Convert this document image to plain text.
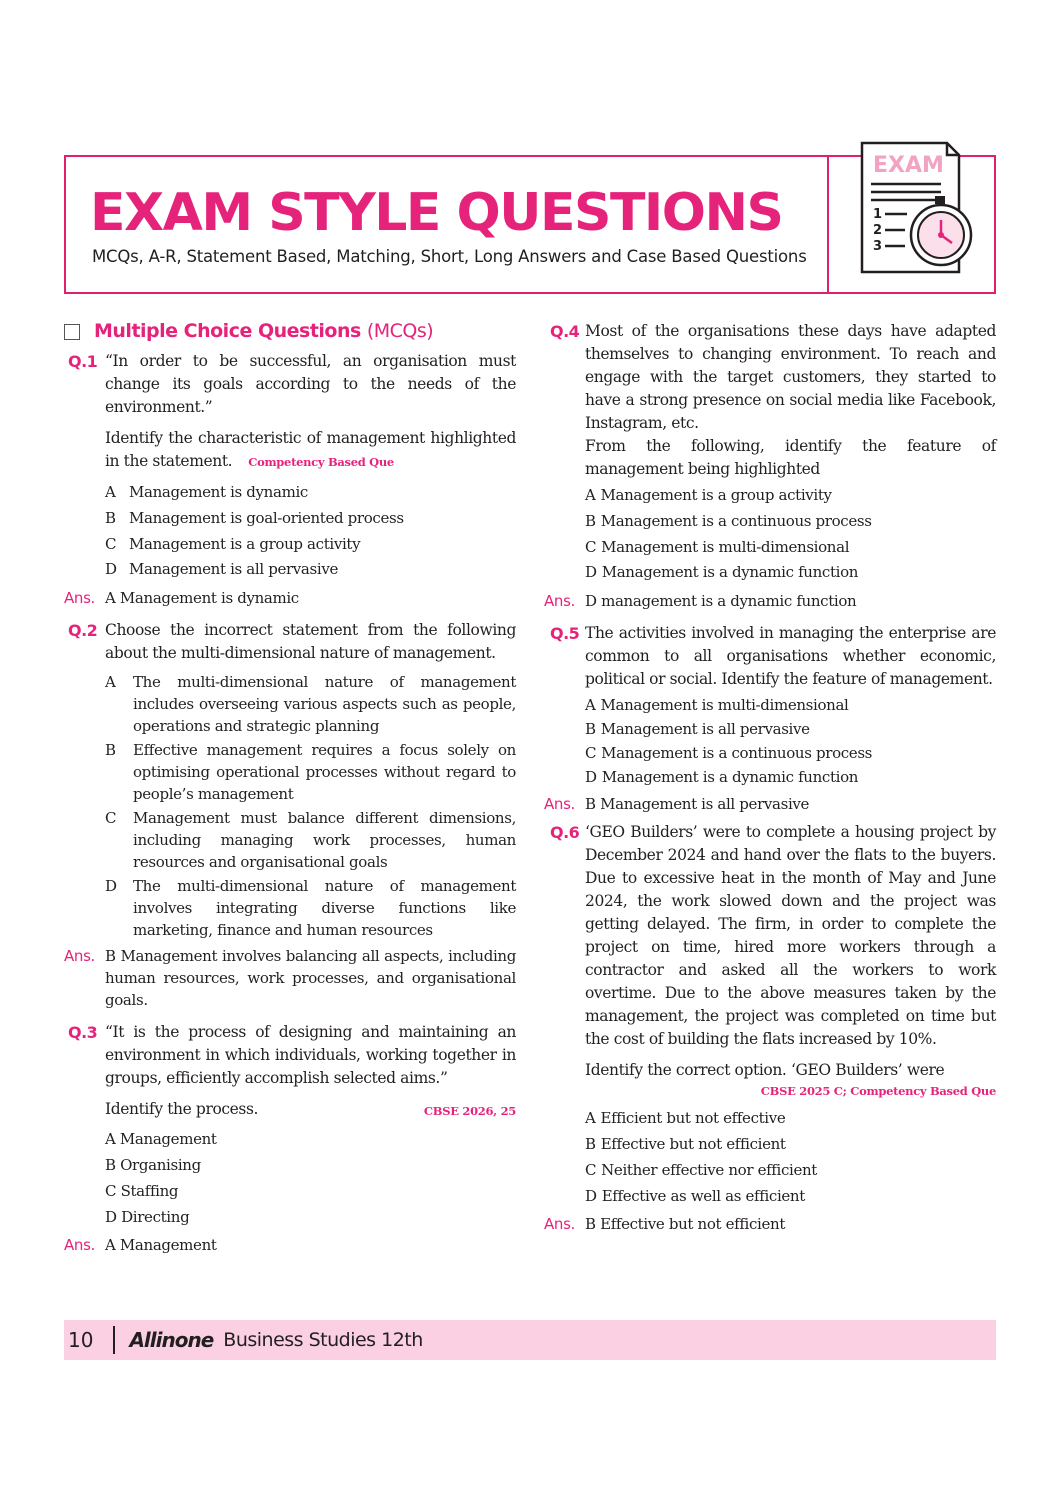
EXAM STYLE QUESTIONS
MCQs, A-R, Statement Based, Matching, Short, Long Answers and Case Based Questions
EXAM
1
2
3
Multiple Choice Questions (MCQs)
Q.1 “In order to be successful, an organisation must change its goals according to the needs of the environment.”
Identify the characteristic of management highlighted in the statement. Competency Based Que
A Management is dynamic
B Management is goal-oriented process
C Management is a group activity
D Management is all pervasive
Ans. A Management is dynamic
Q.2 Choose the incorrect statement from the following about the multi-dimensional nature of management.
A The multi-dimensional nature of management includes overseeing various aspects such as people, operations and strategic planning
B Effective management requires a focus solely on optimising operational processes without regard to people’s management
C Management must balance different dimensions, including managing work processes, human resources and organisational goals
D The multi-dimensional nature of management involves integrating diverse functions like marketing, finance and human resources
Ans. B Management involves balancing all aspects, including human resources, work processes, and organisational goals.
Q.3 “It is the process of designing and maintaining an environment in which individuals, working together in groups, efficiently accomplish selected aims.”
Identify the process.	CBSE 2026, 25
A Management
B Organising
C Staffing
D Directing
Ans. A Management
Q.4 Most of the organisations these days have adapted themselves to changing environment. To reach and engage with the target customers, they started to have a strong presence on social media like Facebook, Instagram, etc.
From the following, identify the feature of management being highlighted
A Management is a group activity
B Management is a continuous process
C Management is multi-dimensional
D Management is a dynamic function
Ans. D management is a dynamic function
Q.5 The activities involved in managing the enterprise are common to all organisations whether economic, political or social. Identify the feature of management.
A Management is multi-dimensional
B Management is all pervasive
C Management is a continuous process
D Management is a dynamic function
Ans. B Management is all pervasive
Q.6 ‘GEO Builders’ were to complete a housing project by December 2024 and hand over the flats to the buyers. Due to excessive heat in the month of May and June 2024, the work slowed down and the project was getting delayed. The firm, in order to complete the project on time, hired more workers through a contractor and asked all the workers to work overtime. Due to the above measures taken by the management, the project was completed on time but the cost of building the flats increased by 10%.
Identify the correct option. ‘GEO Builders’ were
CBSE 2025 C; Competency Based Que
A Efficient but not effective
B Effective but not efficient
C Neither effective nor efficient
D Effective as well as efficient
Ans. B Effective but not efficient
10 Allinone Business Studies 12th
